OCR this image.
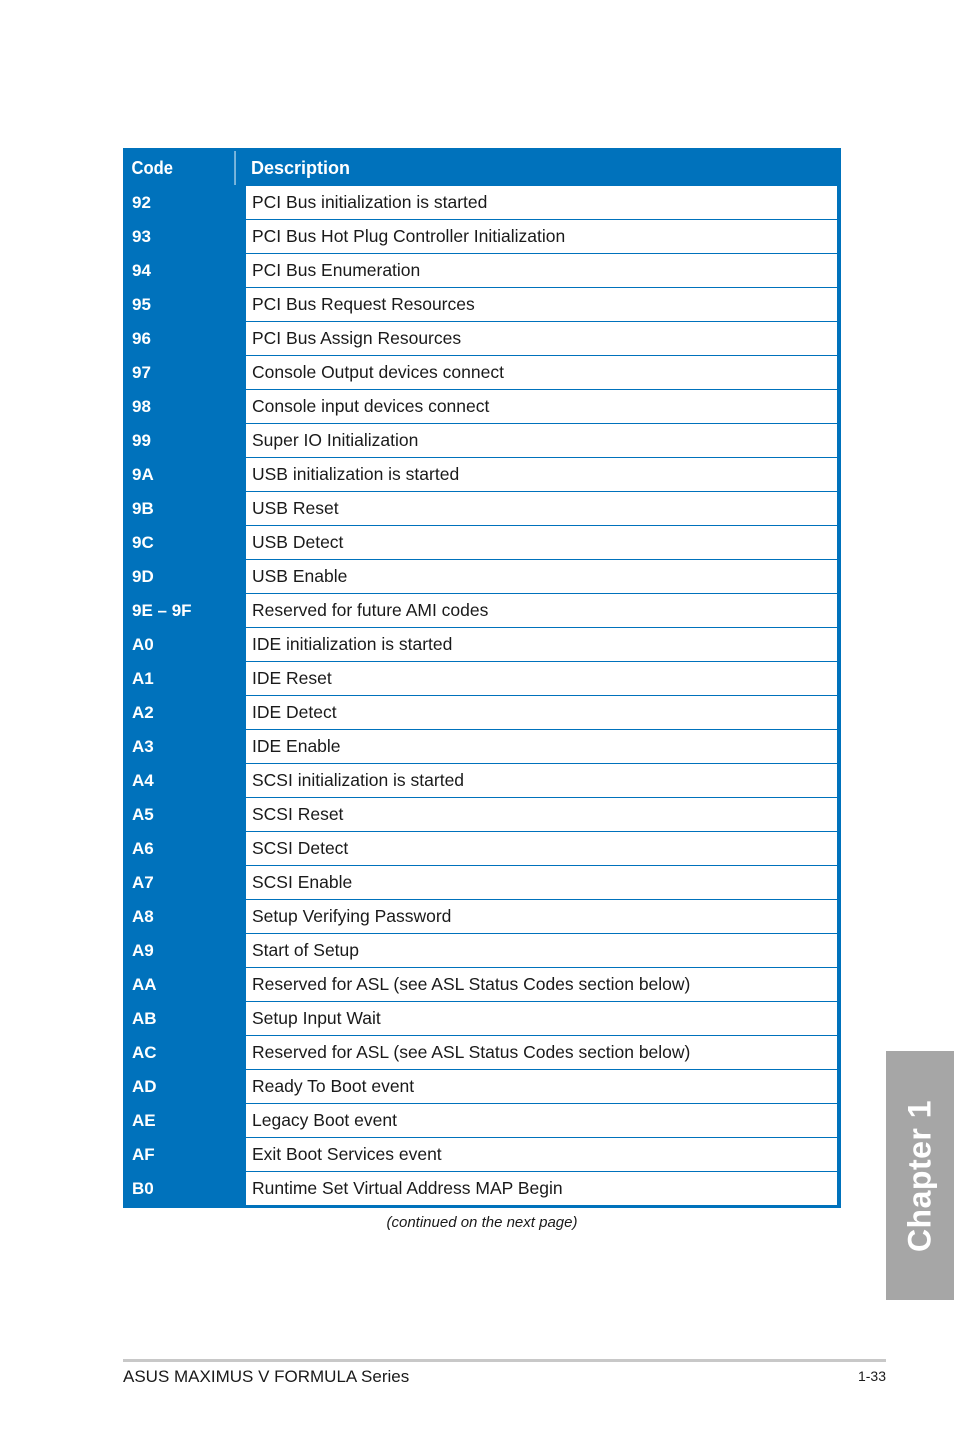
Code	Description
92	PCI Bus initialization is started
93	PCI Bus Hot Plug Controller Initialization
94	PCI Bus Enumeration
95	PCI Bus Request Resources
96	PCI Bus Assign Resources
97	Console Output devices connect
98	Console input devices connect
99	Super IO Initialization
9A	USB initialization is started
9B	USB Reset
9C	USB Detect
9D	USB Enable
9E – 9F	Reserved for future AMI codes
A0	IDE initialization is started
A1	IDE Reset
A2	IDE Detect
A3	IDE Enable
A4	SCSI initialization is started
A5	SCSI Reset
A6	SCSI Detect
A7	SCSI Enable
A8	Setup Verifying Password
A9	Start of Setup
AA	Reserved for ASL (see ASL Status Codes section below)
AB	Setup Input Wait
AC	Reserved for ASL (see ASL Status Codes section below)
AD	Ready To Boot event
AE	Legacy Boot event
AF	Exit Boot Services event
B0	Runtime Set Virtual Address MAP Begin
(continued on the next page)	Chapter 1
ASUS MAXIMUS V FORMULA Series	1-33
